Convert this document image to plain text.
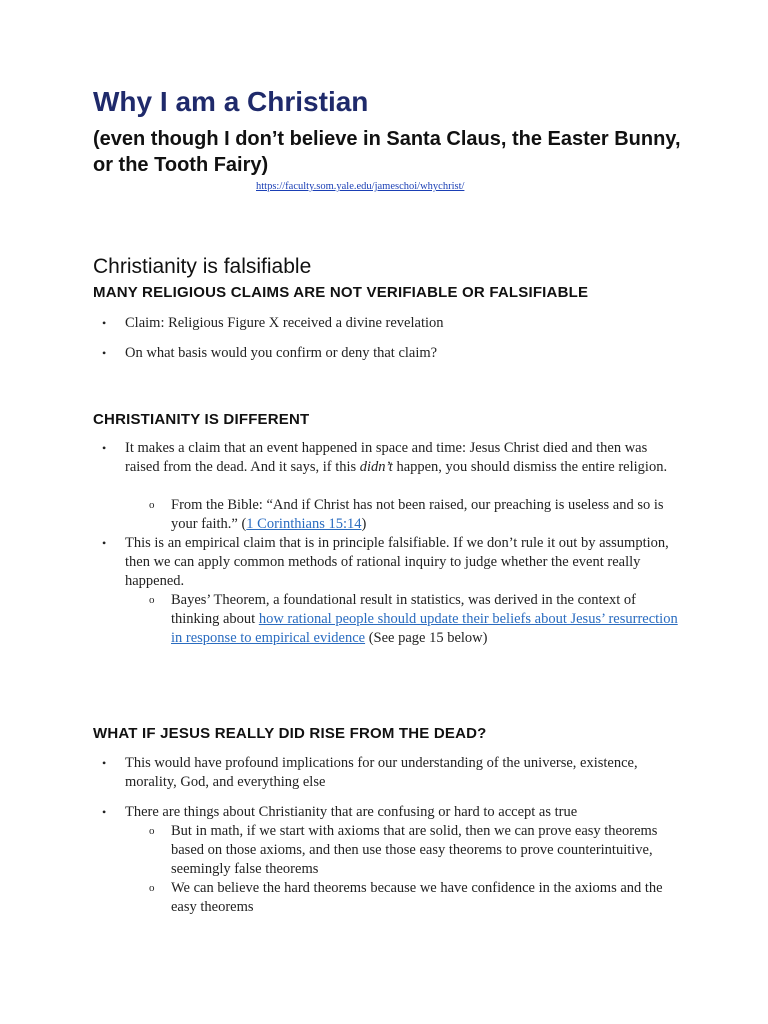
Why I am a Christian
(even though I don’t believe in Santa Claus, the Easter Bunny, or the Tooth Fairy)
https://faculty.som.yale.edu/jameschoi/whychrist/
Christianity is falsifiable
MANY RELIGIOUS CLAIMS ARE NOT VERIFIABLE OR FALSIFIABLE
• Claim: Religious Figure X received a divine revelation
• On what basis would you confirm or deny that claim?
CHRISTIANITY IS DIFFERENT
• It makes a claim that an event happened in space and time: Jesus Christ died and then was raised from the dead. And it says, if this didn’t happen, you should dismiss the entire religion.
o From the Bible: “And if Christ has not been raised, our preaching is useless and so is your faith.” (1 Corinthians 15:14)
• This is an empirical claim that is in principle falsifiable. If we don’t rule it out by assumption, then we can apply common methods of rational inquiry to judge whether the event really happened.
o Bayes’ Theorem, a foundational result in statistics, was derived in the context of thinking about how rational people should update their beliefs about Jesus’ resurrection in response to empirical evidence (See page 15 below)
WHAT IF JESUS REALLY DID RISE FROM THE DEAD?
• This would have profound implications for our understanding of the universe, existence, morality, God, and everything else
• There are things about Christianity that are confusing or hard to accept as true
o But in math, if we start with axioms that are solid, then we can prove easy theorems based on those axioms, and then use those easy theorems to prove counterintuitive, seemingly false theorems
o We can believe the hard theorems because we have confidence in the axioms and the easy theorems
